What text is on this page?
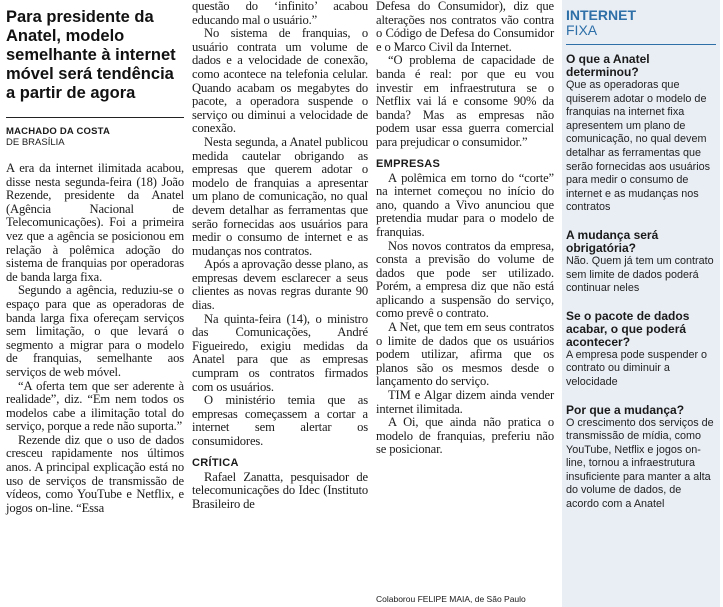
Para presidente da Anatel, modelo semelhante à internet móvel será tendência a partir de agora
MACHADO DA COSTA
DE BRASÍLIA

A era da internet ilimitada acabou, disse nesta segunda-feira (18) João Rezende, presidente da Anatel (Agência Nacional de Telecomunicações). Foi a primeira vez que a agência se posicionou em relação à polêmica adoção do sistema de franquias por operadoras de banda larga fixa.

Segundo a agência, reduziu-se o espaço para que as operadoras de banda larga fixa ofereçam serviços sem limitação, o que levará o segmento a migrar para o modelo de franquias, semelhante aos serviços de web móvel.

“A oferta tem que ser aderente à realidade”, diz. “Em nem todos os modelos cabe a ilimitação total do serviço, porque a rede não suporta.”

Rezende diz que o uso de dados cresceu rapidamente nos últimos anos. A principal explicação está no uso de serviços de transmissão de vídeos, como YouTube e Netflix, e jogos on-line. “Essa

questão do ‘infinito’ acabou educando mal o usuário.”

No sistema de franquias, o usuário contrata um volume de dados e a velocidade de conexão, como acontece na telefonia celular. Quando acabam os megabytes do pacote, a operadora suspende o serviço ou diminui a velocidade de conexão.

Nesta segunda, a Anatel publicou medida cautelar obrigando as empresas que querem adotar o modelo de franquias a apresentar um plano de comunicação, no qual devem detalhar as ferramentas que serão fornecidas aos usuários para medir o consumo de internet e as mudanças nos contratos.

Após a aprovação desse plano, as empresas devem esclarecer a seus clientes as novas regras durante 90 dias.

Na quinta-feira (14), o ministro das Comunicações, André Figueiredo, exigiu medidas da Anatel para que as empresas cumpram os contratos firmados com os usuários.

O ministério temia que as empresas começassem a cortar a internet sem alertar os consumidores.

CRÍTICA

Rafael Zanatta, pesquisador de telecomunicações do Idec (Instituto Brasileiro de

Defesa do Consumidor), diz que alterações nos contratos vão contra o Código de Defesa do Consumidor e o Marco Civil da Internet.

“O problema de capacidade de banda é real: por que eu vou investir em infraestrutura se o Netflix vai lá e consome 90% da banda? Mas as empresas não podem usar essa guerra comercial para prejudicar o consumidor.”

EMPRESAS

A polêmica em torno do “corte” na internet começou no início do ano, quando a Vivo anunciou que pretendia mudar para o modelo de franquias.

Nos novos contratos da empresa, consta a previsão do volume de dados que pode ser utilizado. Porém, a empresa diz que não está aplicando a suspensão do serviço, como prevê o contrato.

A Net, que tem em seus contratos o limite de dados que os usuários podem utilizar, afirma que os planos são os mesmos desde o lançamento do serviço.

TIM e Algar dizem ainda vender internet ilimitada.

A Oi, que ainda não pratica o modelo de franquias, preferiu não se posicionar.

Colaborou FELIPE MAIA, de São Paulo
INTERNET
FIXA
O que a Anatel determinou?
Que as operadoras que quiserem adotar o modelo de franquias na internet fixa apresentem um plano de comunicação, no qual devem detalhar as ferramentas que serão fornecidas aos usuários para medir o consumo de internet e as mudanças nos contratos
A mudança será obrigatória?
Não. Quem já tem um contrato sem limite de dados poderá continuar neles
Se o pacote de dados acabar, o que poderá acontecer?
A empresa pode suspender o contrato ou diminuir a velocidade
Por que a mudança?
O crescimento dos serviços de transmissão de mídia, como YouTube, Netflix e jogos on-line, tornou a infraestrutura insuficiente para manter a alta do volume de dados, de acordo com a Anatel
